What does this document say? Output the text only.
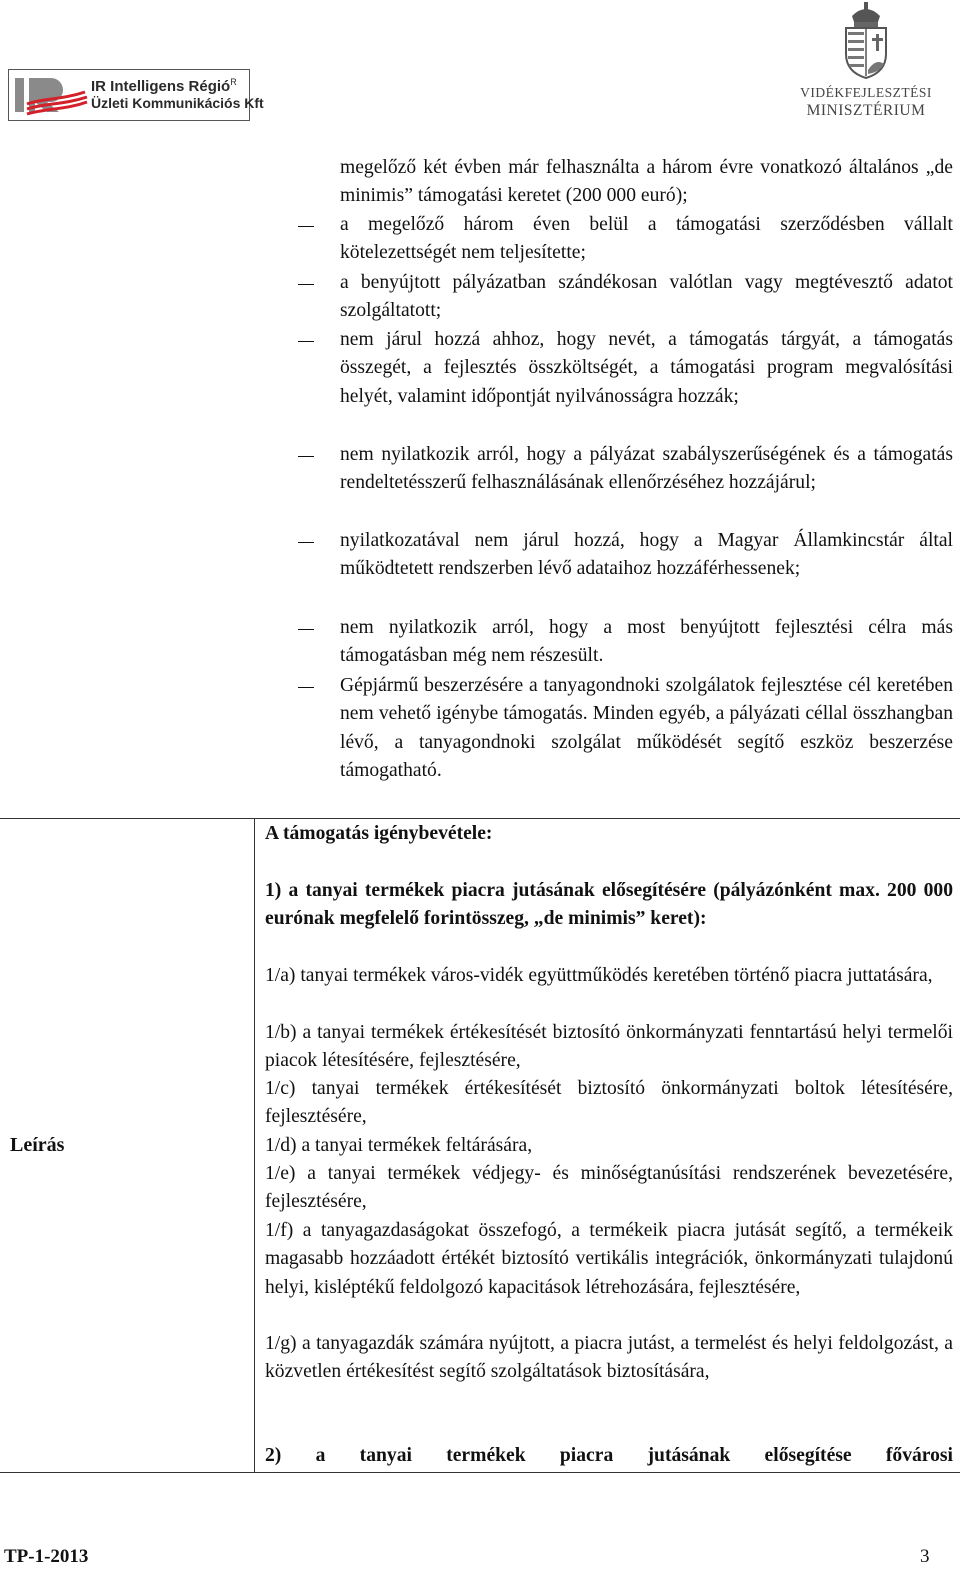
IR Intelligens Régió$^R$
Üzleti Kommunikációs Kft
VIDÉKFEJLESZTÉSI
MINISZTÉRIUM
Leírás
megelőző két évben már felhasználta a három évre vonatkozó általános „de minimis” támogatási keretet (200 000 euró);
a megelőző három éven belül a támogatási szerződésben vállalt kötelezettségét nem teljesítette;
a benyújtott pályázatban szándékosan valótlan vagy megtévesztő adatot szolgáltatott;
nem járul hozzá ahhoz, hogy nevét, a támogatás tárgyát, a támogatás összegét, a fejlesztés összköltségét, a támogatási program megvalósítási helyét, valamint időpontját nyilvánosságra hozzák;
nem nyilatkozik arról, hogy a pályázat szabályszerűségének és a támogatás rendeltetésszerű felhasználásának ellenőrzéséhez hozzájárul;
nyilatkozatával nem járul hozzá, hogy a Magyar Államkincstár által működtetett rendszerben lévő adataihoz hozzáférhessenek;
nem nyilatkozik arról, hogy a most benyújtott fejlesztési célra más támogatásban még nem részesült.
Gépjármű beszerzésére a tanyagondnoki szolgálatok fejlesztése cél keretében nem vehető igénybe támogatás. Minden egyéb, a pályázati céllal összhangban lévő, a tanyagondnoki szolgálat működését segítő eszköz beszerzése támogatható.
A támogatás igénybevétele:
1) a tanyai termékek piacra jutásának elősegítésére (pályázónként max. 200 000 eurónak megfelelő forintösszeg, „de minimis” keret):
1/a) tanyai termékek város-vidék együttműködés keretében történő piacra juttatására,
1/b) a tanyai termékek értékesítését biztosító önkormányzati fenntartású helyi termelői piacok létesítésére, fejlesztésére,
1/c) tanyai termékek értékesítését biztosító önkormányzati boltok létesítésére, fejlesztésére,
1/d) a tanyai termékek feltárására,
1/e) a tanyai termékek védjegy- és minőségtanúsítási rendszerének bevezetésére, fejlesztésére,
1/f) a tanyagazdaságokat összefogó, a termékeik piacra jutását segítő, a termékeik magasabb hozzáadott értékét biztosító vertikális integrációk, önkormányzati tulajdonú helyi, kisléptékű feldolgozó kapacitások létrehozására, fejlesztésére,
1/g) a tanyagazdák számára nyújtott, a piacra jutást, a termelést és helyi feldolgozást, a közvetlen értékesítést segítő szolgáltatások biztosítására,
2) a tanyai termékek piacra jutásának elősegítése fővárosi
TP-1-2013	3
